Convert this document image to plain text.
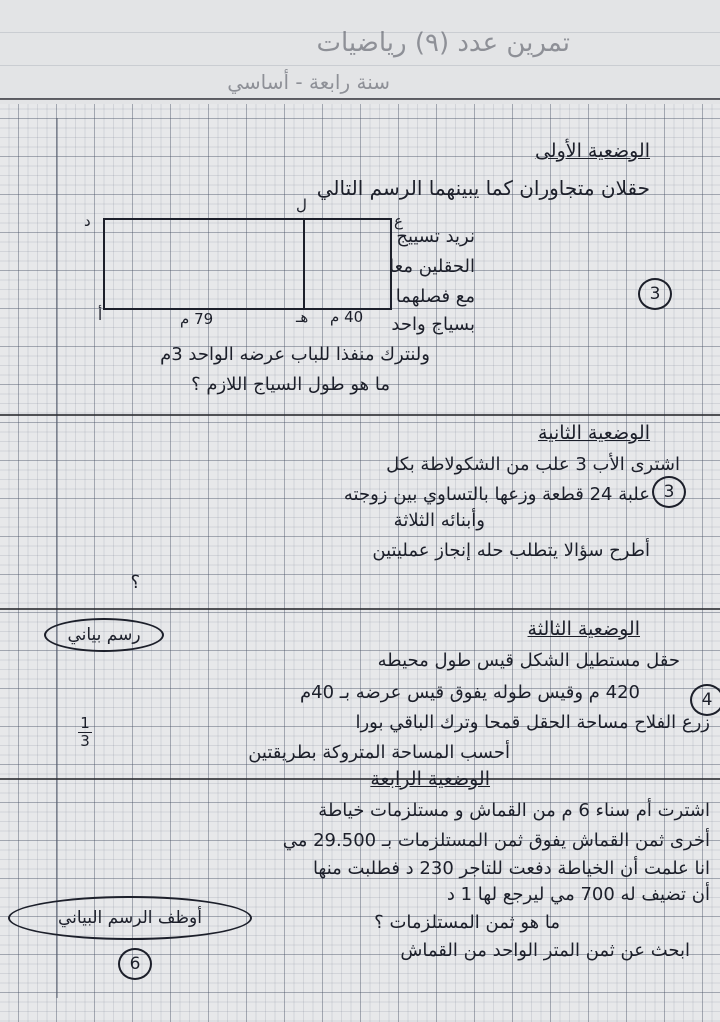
تمرين عدد (٩) رياضيات
سنة رابعة - أساسي
الوضعية الأولى
حقلان متجاوران كما يبينهما الرسم التالي
د	ع
أ	هـ
ل
79 م	40 م
نريد تسييج
الحقلين معا
مع فصلهما
بسياج واحد
3
ولنترك منفذا للباب عرضه الواحد 3م
ما هو طول السياج اللازم ؟
الوضعية الثانية
اشترى الأب 3 علب من الشكولاطة بكل
علبة 24 قطعة وزعها بالتساوي بين زوجته
وأبنائه الثلاثة
أطرح سؤالا يتطلب حله إنجاز عمليتين
؟
3
رسم بياني	الوضعية الثالثة
حقل مستطيل الشكل قيس طول محيطه
420 م وقيس طوله يفوق قيس عرضه بـ 40م
زرع الفلاح مساحة الحقل قمحا وترك الباقي بورا
أحسب المساحة المتروكة بطريقتين
1
3
4
الوضعية الرابعة
اشترت أم سناء 6 م من القماش و مستلزمات خياطة
أخرى ثمن القماش يفوق ثمن المستلزمات بـ 29.500 مي
انا علمت أن الخياطة دفعت للتاجر 230 د فطلبت منها
أن تضيف له 700 مي ليرجع لها 1 د
ما هو ثمن المستلزمات ؟
ابحث عن ثمن المتر الواحد من القماش
أوظف الرسم البياني
6
